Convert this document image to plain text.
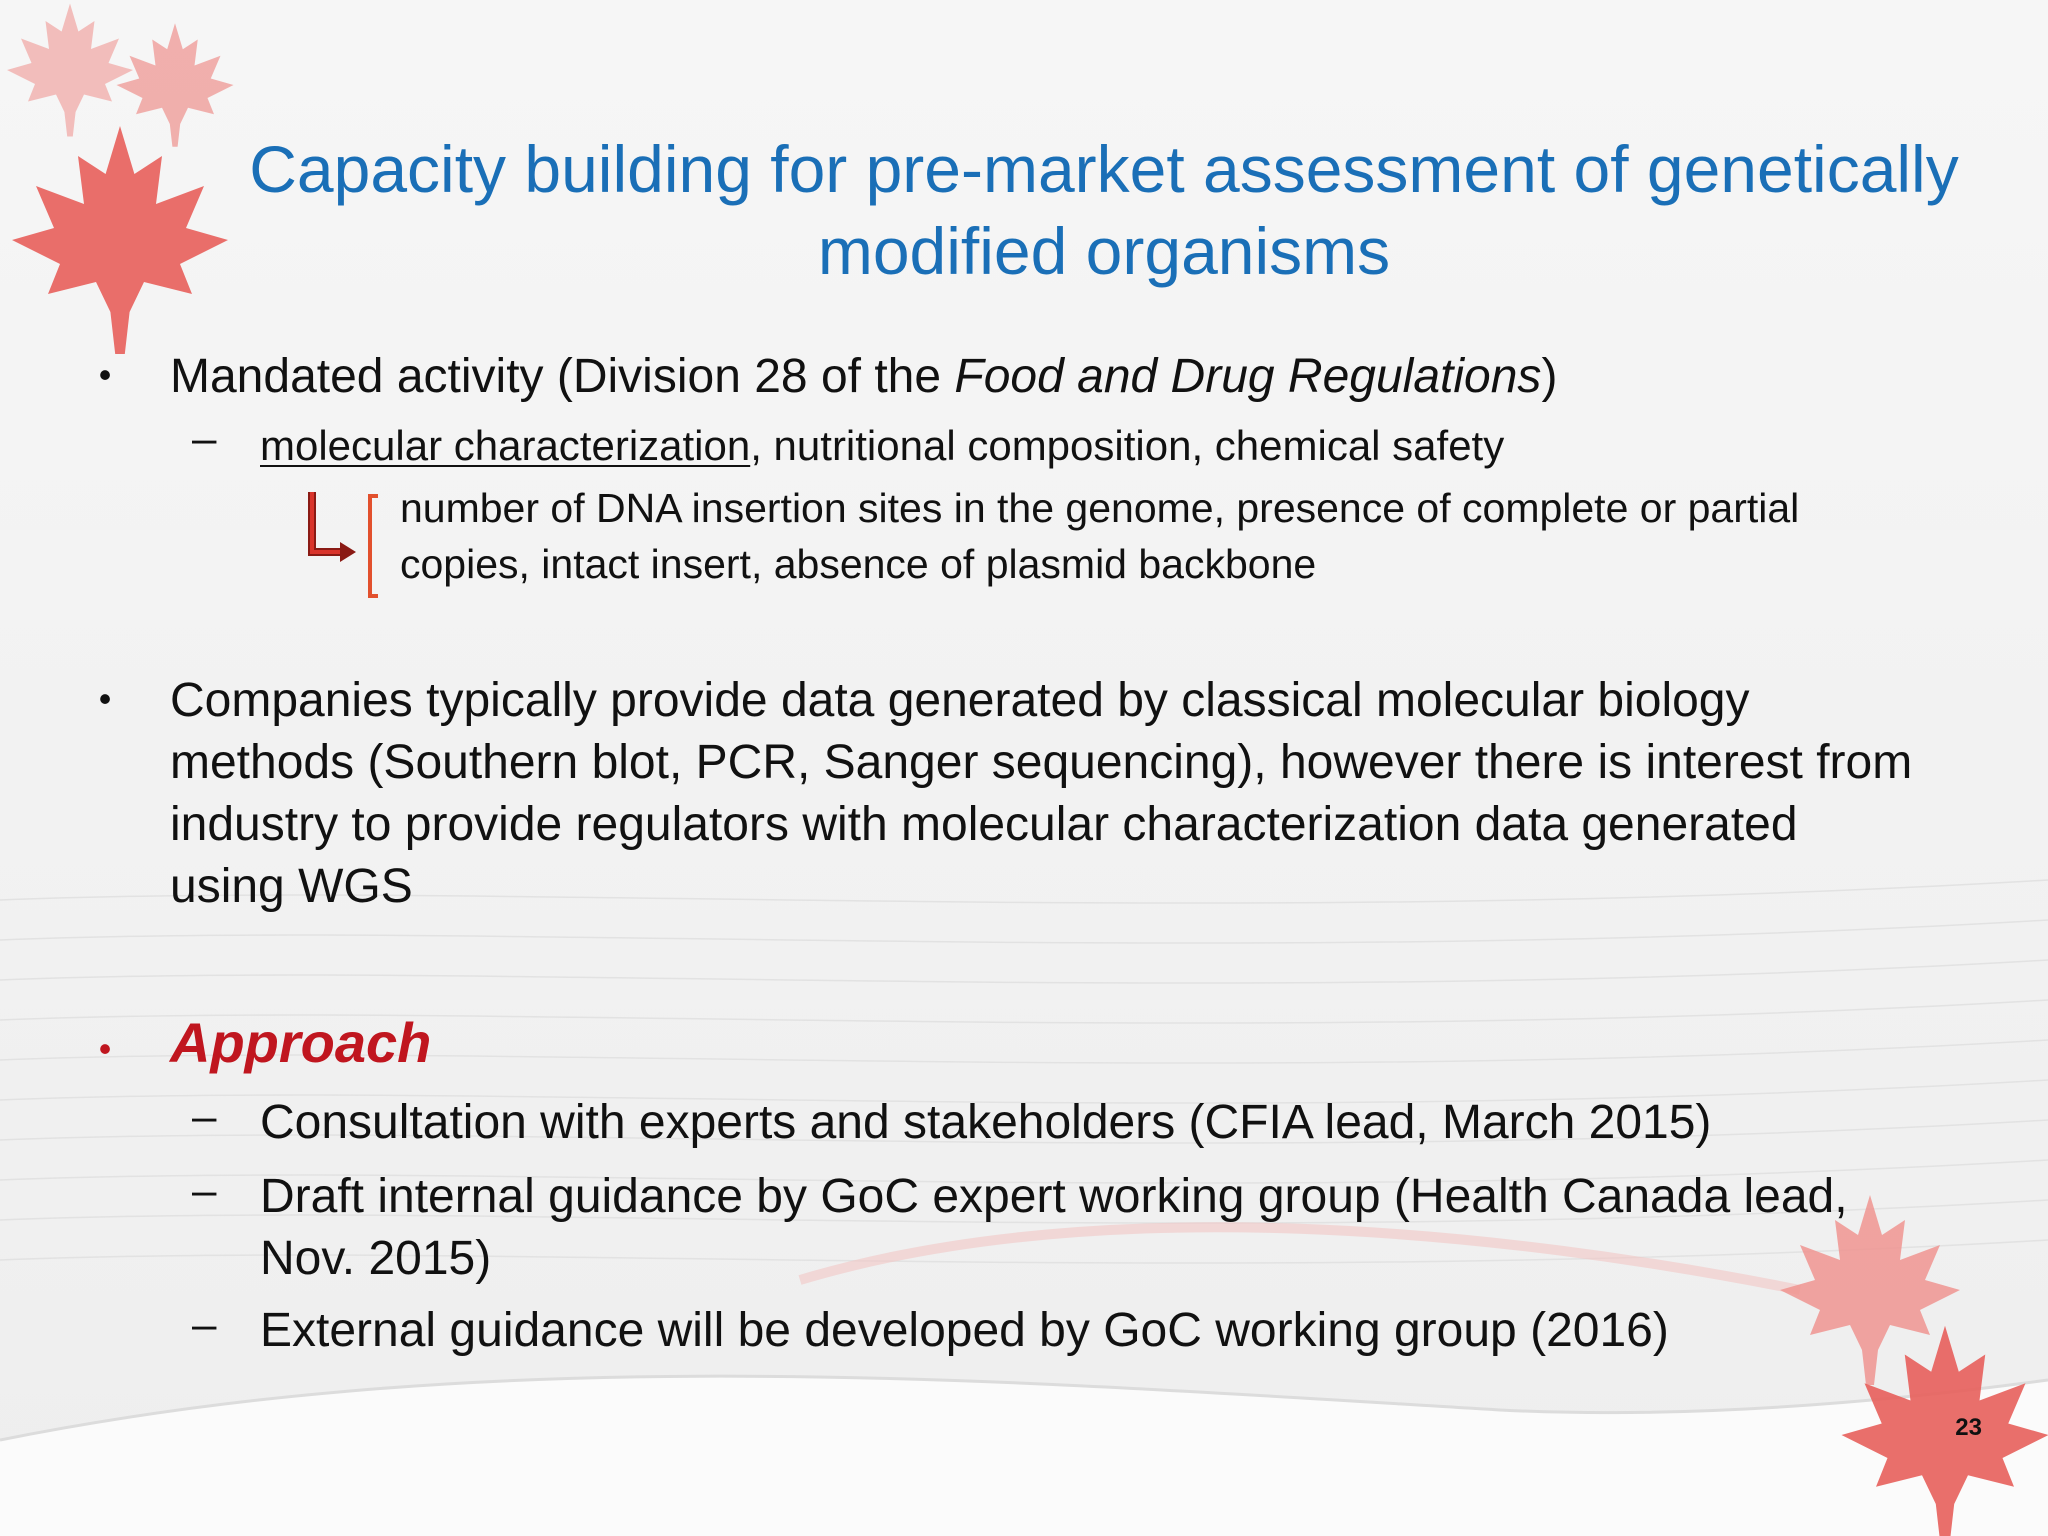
Capacity building for pre-market assessment of genetically
modified organisms
• Mandated activity (Division 28 of the Food and Drug Regulations)
– molecular characterization, nutritional composition, chemical safety
number of DNA insertion sites in the genome, presence of complete or partial
copies, intact insert, absence of plasmid backbone
• Companies typically provide data generated by classical molecular biology
methods (Southern blot, PCR, Sanger sequencing), however there is interest from
industry to provide regulators with molecular characterization data generated
using WGS
• Approach
– Consultation with experts and stakeholders (CFIA lead, March 2015)
– Draft internal guidance by GoC expert working group (Health Canada lead,
Nov. 2015)
– External guidance will be developed by GoC working group (2016)
23
